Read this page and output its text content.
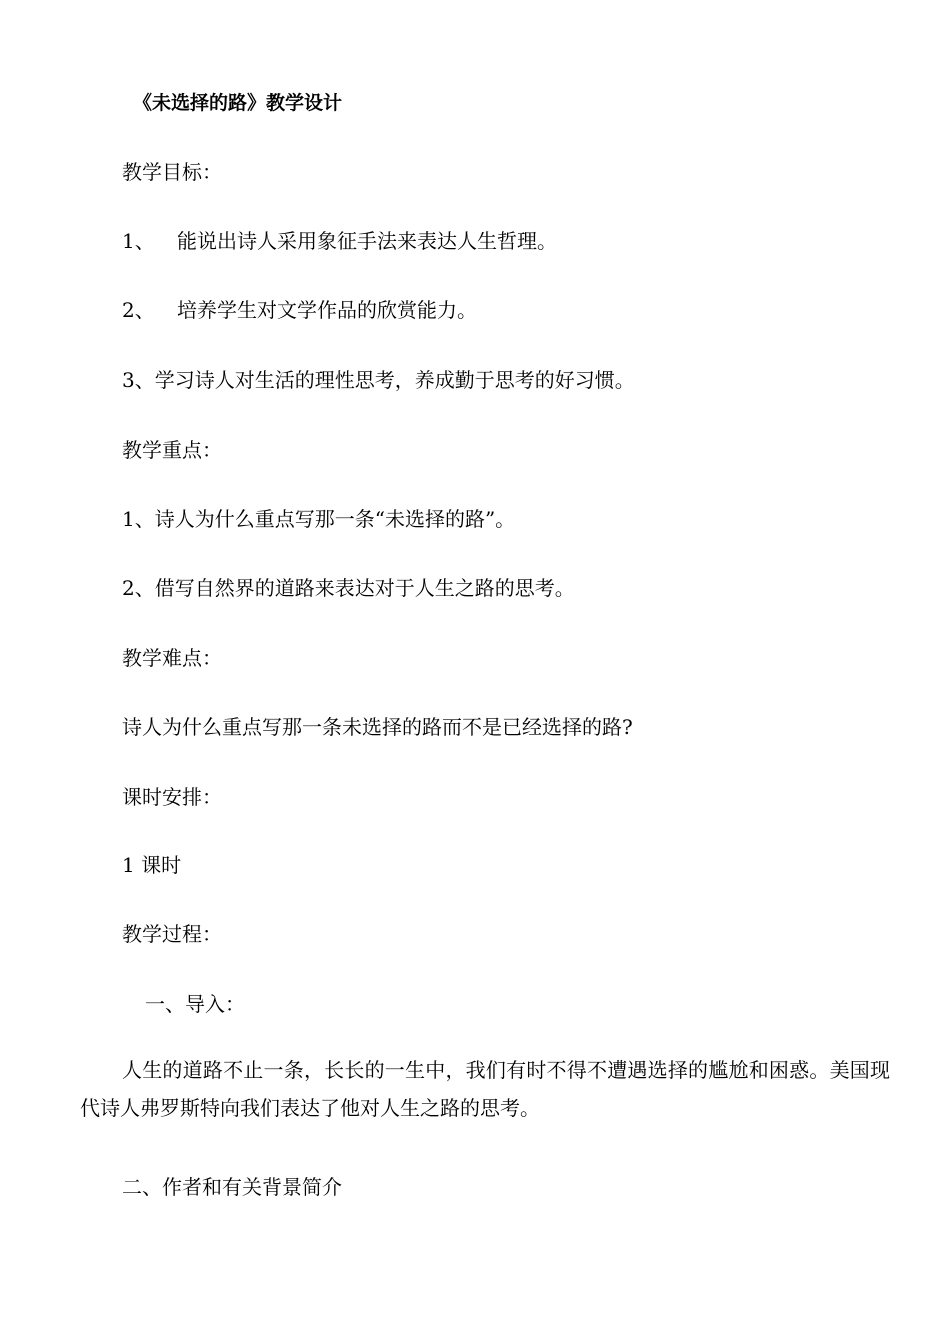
《未选择的路》教学设计

教学目标：

1、 能说出诗人采用象征手法来表达人生哲理。

2、 培养学生对文学作品的欣赏能力。

3、学习诗人对生活的理性思考，养成勤于思考的好习惯。

教学重点：

1、诗人为什么重点写那一条“未选择的路”。

2、借写自然界的道路来表达对于人生之路的思考。

教学难点：

诗人为什么重点写那一条未选择的路而不是已经选择的路?

课时安排：

1 课时

教学过程：

一、导入：

人生的道路不止一条，长长的一生中，我们有时不得不遭遇选择的尴尬和困惑。美国现代诗人弗罗斯特向我们表达了他对人生之路的思考。

二、作者和有关背景简介
